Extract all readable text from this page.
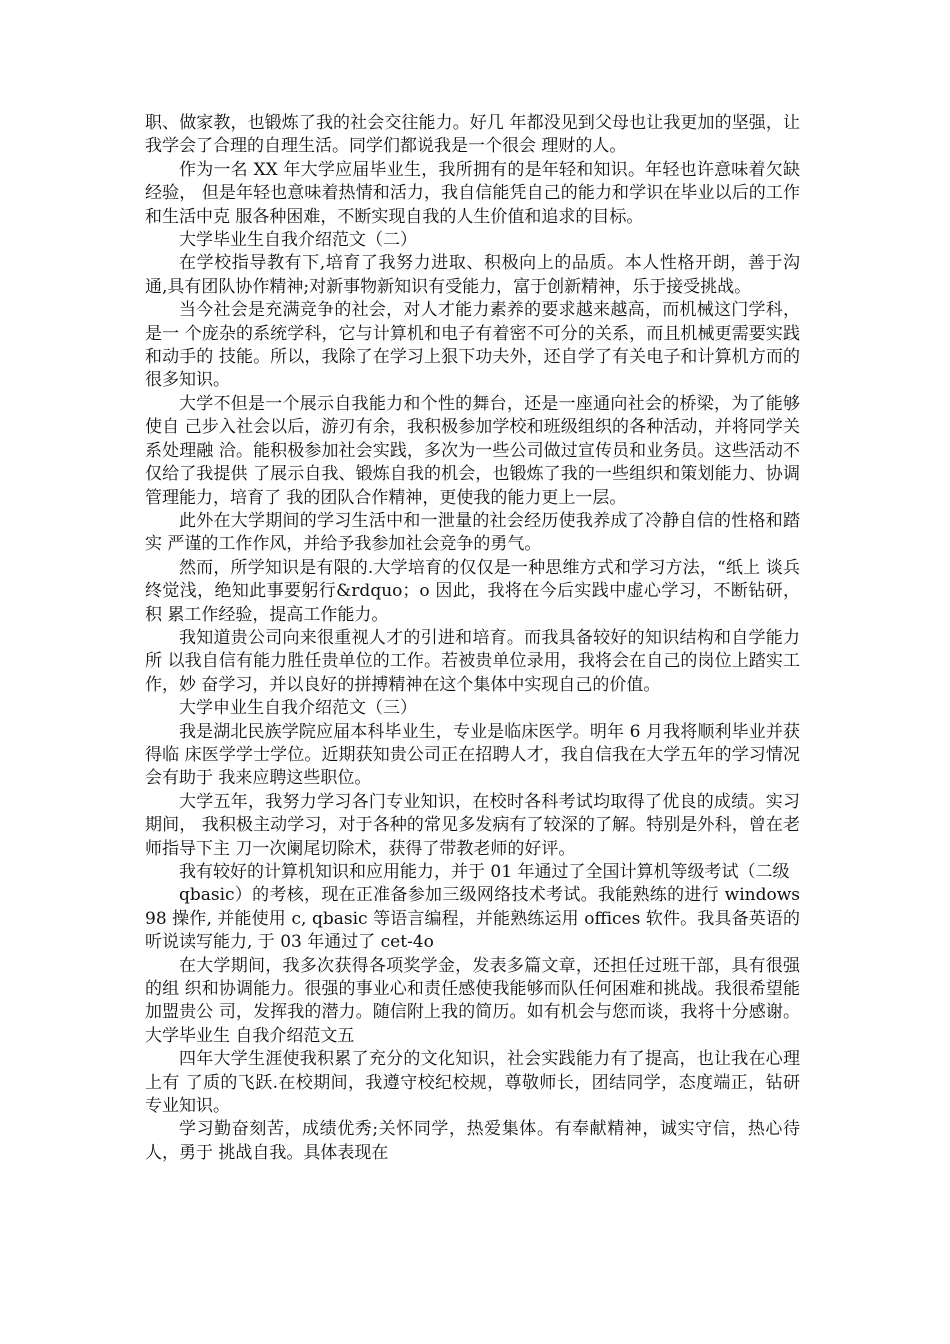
职、做家教，也锻炼了我的社会交往能力。好几 年都没见到父母也让我更加的坚强，让我学会了合理的自理生活。同学们都说我是一个很会 理财的人。

作为一名 XX 年大学应届毕业生，我所拥有的是年轻和知识。年轻也许意味着欠缺经验， 但是年轻也意味着热情和活力，我自信能凭自己的能力和学识在毕业以后的工作和生活中克 服各种困难，不断实现自我的人生价值和追求的目标。

大学毕业生自我介绍范文（二）

在学校指导教有下,培育了我努力进取、积极向上的品质。本人性格开朗，善于沟通,具有团队协作精神;对新事物新知识有受能力，富于创新精神，乐于接受挑战。

当今社会是充满竞争的社会，对人才能力素养的要求越来越高，而机械这门学科，是一 个庞杂的系统学科，它与计算机和电子有着密不可分的关系，而且机械更需要实践和动手的 技能。所以，我除了在学习上狠下功夫外，还自学了有关电子和计算机方而的很多知识。

大学不但是一个展示自我能力和个性的舞台，还是一座通向社会的桥梁，为了能够使自 己步入社会以后，游刃有余，我积极参加学校和班级组织的各种活动，并将同学关系处理融 洽。能积极参加社会实践，多次为一些公司做过宣传员和业务员。这些活动不仅给了我提供 了展示自我、锻炼自我的机会，也锻炼了我的一些组织和策划能力、协调管理能力，培育了 我的团队合作精神，更使我的能力更上一层。

此外在大学期间的学习生活中和一泄量的社会经历使我养成了冷静自信的性格和踏实 严谨的工作作风，并给予我参加社会竞争的勇气。

然而，所学知识是有限的.大学培育的仅仅是一种思维方式和学习方法，“纸上 谈兵终觉浅，绝知此事要躬行&rdquo；o 因此，我将在今后实践中虚心学习，不断钻研，积 累工作经验，提高工作能力。

我知道贵公司向来很重视人才的引进和培育。而我具备较好的知识结构和自学能力所 以我自信有能力胜任贵单位的工作。若被贵单位录用，我将会在自己的岗位上踏实工作，妙 奋学习，并以良好的拼搏精神在这个集体中实现自己的价值。

大学申业生自我介绍范文（三）

我是湖北民族学院应届本科毕业生，专业是临床医学。明年 6 月我将顺利毕业并获得临 床医学学士学位。近期获知贵公司正在招聘人才，我自信我在大学五年的学习情况会有助于 我来应聘这些职位。

大学五年，我努力学习各门专业知识，在校时各科考试均取得了优良的成绩。实习期间， 我积极主动学习，对于各种的常见多发病有了较深的了解。特别是外科，曾在老师指导下主 刀一次阑尾切除术，获得了带教老师的好评。

我有较好的计算机知识和应用能力，并于 01 年通过了全国计算机等级考试（二级

qbasic）的考核，现在正准备参加三级网络技术考试。我能熟练的进行 windows98 操作, 并能使用 c, qbasic 等语言编程，并能熟练运用 offices 软件。我具备英语的听说读写能力, 于 03 年通过了 cet-4o

在大学期间，我多次获得各项奖学金，发表多篇文章，还担任过班干部，具有很强的组 织和协调能力。很强的事业心和责任感使我能够而队任何困难和挑战。我很希望能加盟贵公 司，发挥我的潜力。随信附上我的简历。如有机会与您而谈，我将十分感谢。大学毕业生 自我介绍范文五

四年大学生涯使我积累了充分的文化知识，社会实践能力有了提高，也让我在心理上有 了质的飞跃.在校期间，我遵守校纪校规，尊敬师长，团结同学，态度端正，钻研专业知识。

学习勤奋刻苦，成绩优秀;关怀同学，热爱集体。有奉献精神，诚实守信，热心待人，勇于 挑战自我。具体表现在
